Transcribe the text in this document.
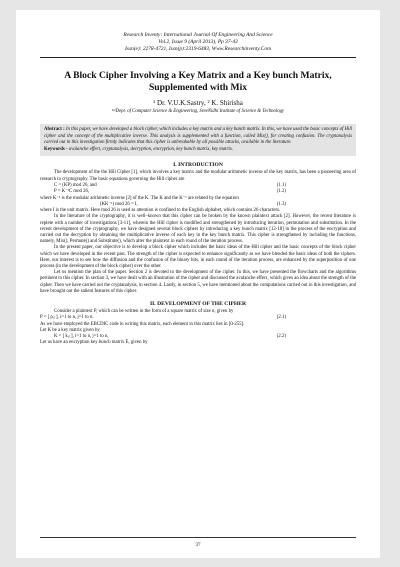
Research Inventy: International Journal Of Engineering And Science
Vol.2, Issue 9 (April 2013), Pp 37-43
Issn(e): 2278-4721, Issn(p):2319-6483, Www.Researchinventy.Com
A Block Cipher Involving a Key Matrix and a Key bunch Matrix, Supplemented with Mix
¹ Dr. V.U.K.Sastry, ² K. Shirisha
¹ʲ²Dept. of Computer Science & Engineering, SreeNidhi Institute of Science & Technology
Abstract : In this paper, we have developed a block cipher, which includes a key matrix and a key bunch matrix. In this, we have used the basic concepts of Hill cipher and the concept of the multiplicative inverse. This analysis is supplemented with a function, called Mix(), for creating confusion. The cryptanalysis carried out in this investigation firmly indicates that this cipher is unbreakable by all possible attacks, available in the literature.
Keywords - avalanche effect, cryptanalysis, decryption, encryption, key bunch matrix, key matrix.
I. INTRODUCTION

The development of the the Hill Cipher [1], which involves a key matrix and the modular arithmetic inverse of the key matrix, has been a pioneering area of research in cryptography. The basic equations governing the Hill cipher are

C = (KP) mod 26, and	(1.1)
P = K⁻¹C mod 26,	(1.2)

where K⁻¹ is the modular arithmetic inverse [2] of the K. The K and the K⁻¹ are related by the equation

(KK⁻¹) mod 26 = I,	(1.3)

where I is the unit matrix. Here mod 26 is used as attention is confined to the English alphabet, which contains 26 characters.

In the literature of the cryptography, it is well–known that this cipher can be broken by the known plaintext attack [2]. However, the recent literature is replete with a number of investigations [3-11], wherein the Hill cipher is modified and strengthened by introducing iteration, permutation and substitution. In the recent development of the cryptography, we have designed several block ciphers by introducing a key bunch matrix [12-18] in the process of the encryption and carried out the decryption by obtaining the multiplicative inverse of each key in the key bunch matrix. This cipher is strengthened by including the functions, namely, Mix(), Permute() and Substitute(), which alter the plaintext in each round of the iteration process.

In the present paper, our objective is to develop a block cipher which includes the basic ideas of the Hill cipher and the basic concepts of the block cipher which we have developed in the recent past. The strength of the cipher is expected to enhance significantly as we have blended the basic ideas of both the ciphers. Here, our interest is to see how the diffusion and the confusion of the binary bits, in each round of the iteration process, are enhanced by the superposition of one process (in the development of the block cipher) over the other.

Let us mention the plan of the paper. Section 2 is devoted to the development of the cipher. In this, we have presented the flowcharts and the algorithms pertinent to this cipher. In section 3, we have dealt with an illustration of the cipher and discussed the avalanche effect, which gives an idea about the strength of the cipher. Then we have carried out the cryptanalysis, in section 4. Lastly, in section 5, we have mentioned about the computations carried out in this investigation, and have brought out the salient features of this cipher.

II. DEVELOPMENT OF THE CIPHER

Consider a plaintext P, which can be written in the form of a square matrix of size n, given by

P = [ pᵢⱼ ], i=1 to n, j=1 to n.	(2.1)

As we have employed the EBCDIC code in writing this matrix, each element in this matrix lies in [0-255].

Let K be a key matrix given by

K = [ kᵢⱼ ], i=1 to n, j=1 to n,	(2.2)

Let us have an encryption key bunch matrix E, given by

37
